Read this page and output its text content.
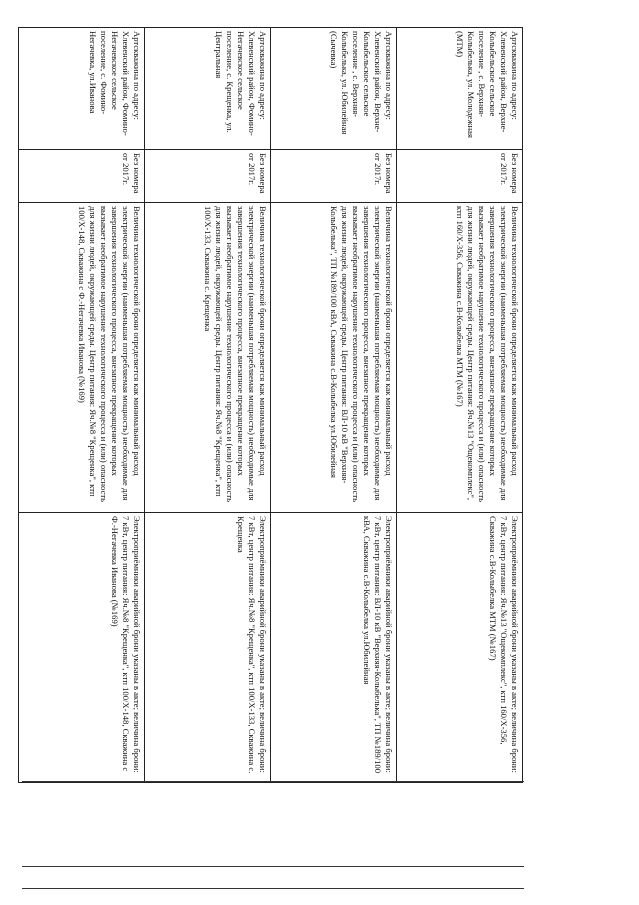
Артскважина по адресу: Хлевенский район, Верхне-Колыбельское сельское поселение , с. Верхняя-Колыбелька, ул. Молодежная (МТМ)	Без номера от 2017г.	Величина технологической брони определяется как минимальный расход электрической энергии (наименьшая потребляемая мощность) необходимые для завершения технологического процесса, внезапное прекращение которых вызывает необратимое нарушение технологического процесса и (или) опасность для жизни людей, окружающей среды. Центр питания: Яч.№13 "Ощекомплекс", ктп 160/Х-356, Скважина с.В-Колыбелка МТМ (№167)	Электроприёмники аварийной брони указаны в акте; величина брони: 7 кВт, центр питания: Яч.№13 "Ощекомплекс", ктп 160/Х-356, Скважина с.В-Колыбелка МТМ (№167)
Артскважина по адресу: Хлевенский район, Верхне-Колыбельское сельское поселение , с. Верхняя-Колыбелька, ул. Юбилейная (Сычевка)	Без номера от 2017г.	Величина технологической брони определяется как минимальный расход электрической энергии (наименьшая потребляемая мощность) необходимые для завершения технологического процесса, внезапное прекращение которых вызывает необратимое нарушение технологического процесса и (или) опасность для жизни людей, окружающей среды. Центр питания: ВЛ-10 кВ "Верхняя-Колыбелька", ТП №189/100 кВА, Скважина с.В-Колыбелка ул.Юбилейная	Электроприёмники аварийной брони указаны в акте; величина брони: 7 кВт, центр питания: ВЛ-10 кВ "Верхняя-Колыбелька", ТП №189/100 кВА, Скважина с.В-Колыбелка ул.Юбилейная
Артскважина по адресу: Хлевенский район, Фомино-Негачевское сельское поселение, с. Крещенка, ул. Центральная	Без номера от 2017г.	Величина технологической брони определяется как минимальный расход электрической энергии (наименьшая потребляемая мощность) необходимые для завершения технологического процесса, внезапное прекращение которых вызывает необратимое нарушение технологического процесса и (или) опасность для жизни людей, окружающей среды. Центр питания: Яч.№8 "Крещенка", ктп 100/Х-133, Скважина с. Крещенка	Электроприёмники аварийной брони указаны в акте; величина брони: 7 кВт, центр питания: Яч.№8 "Крещенка", ктп 100/Х-133, Скважина с. Крещенка
Артскважина по адресу: Хлевенский район, Фомино-Негачевское сельское поселение, с. Фомино-Негачевка, ул.Иванова	Без номера от 2017г.	Величина технологической брони определяется как минимальный расход электрической энергии (наименьшая потребляемая мощность) необходимые для завершения технологического процесса, внезапное прекращение которых вызывает необратимое нарушение технологического процесса и (или) опасность для жизни людей, окружающей среды. Центр питания: Яч.№8 "Крещенка", ктп 100/Х-148, Скважина с Ф.-Негачевка Иванова (№169)	Электроприёмники аварийной брони указаны в акте; величина брони: 7 кВт, центр питания: Яч.№8 "Крещенка", ктп 100/Х-148, Скважина с Ф.-Негачевка Иванова (№169)
